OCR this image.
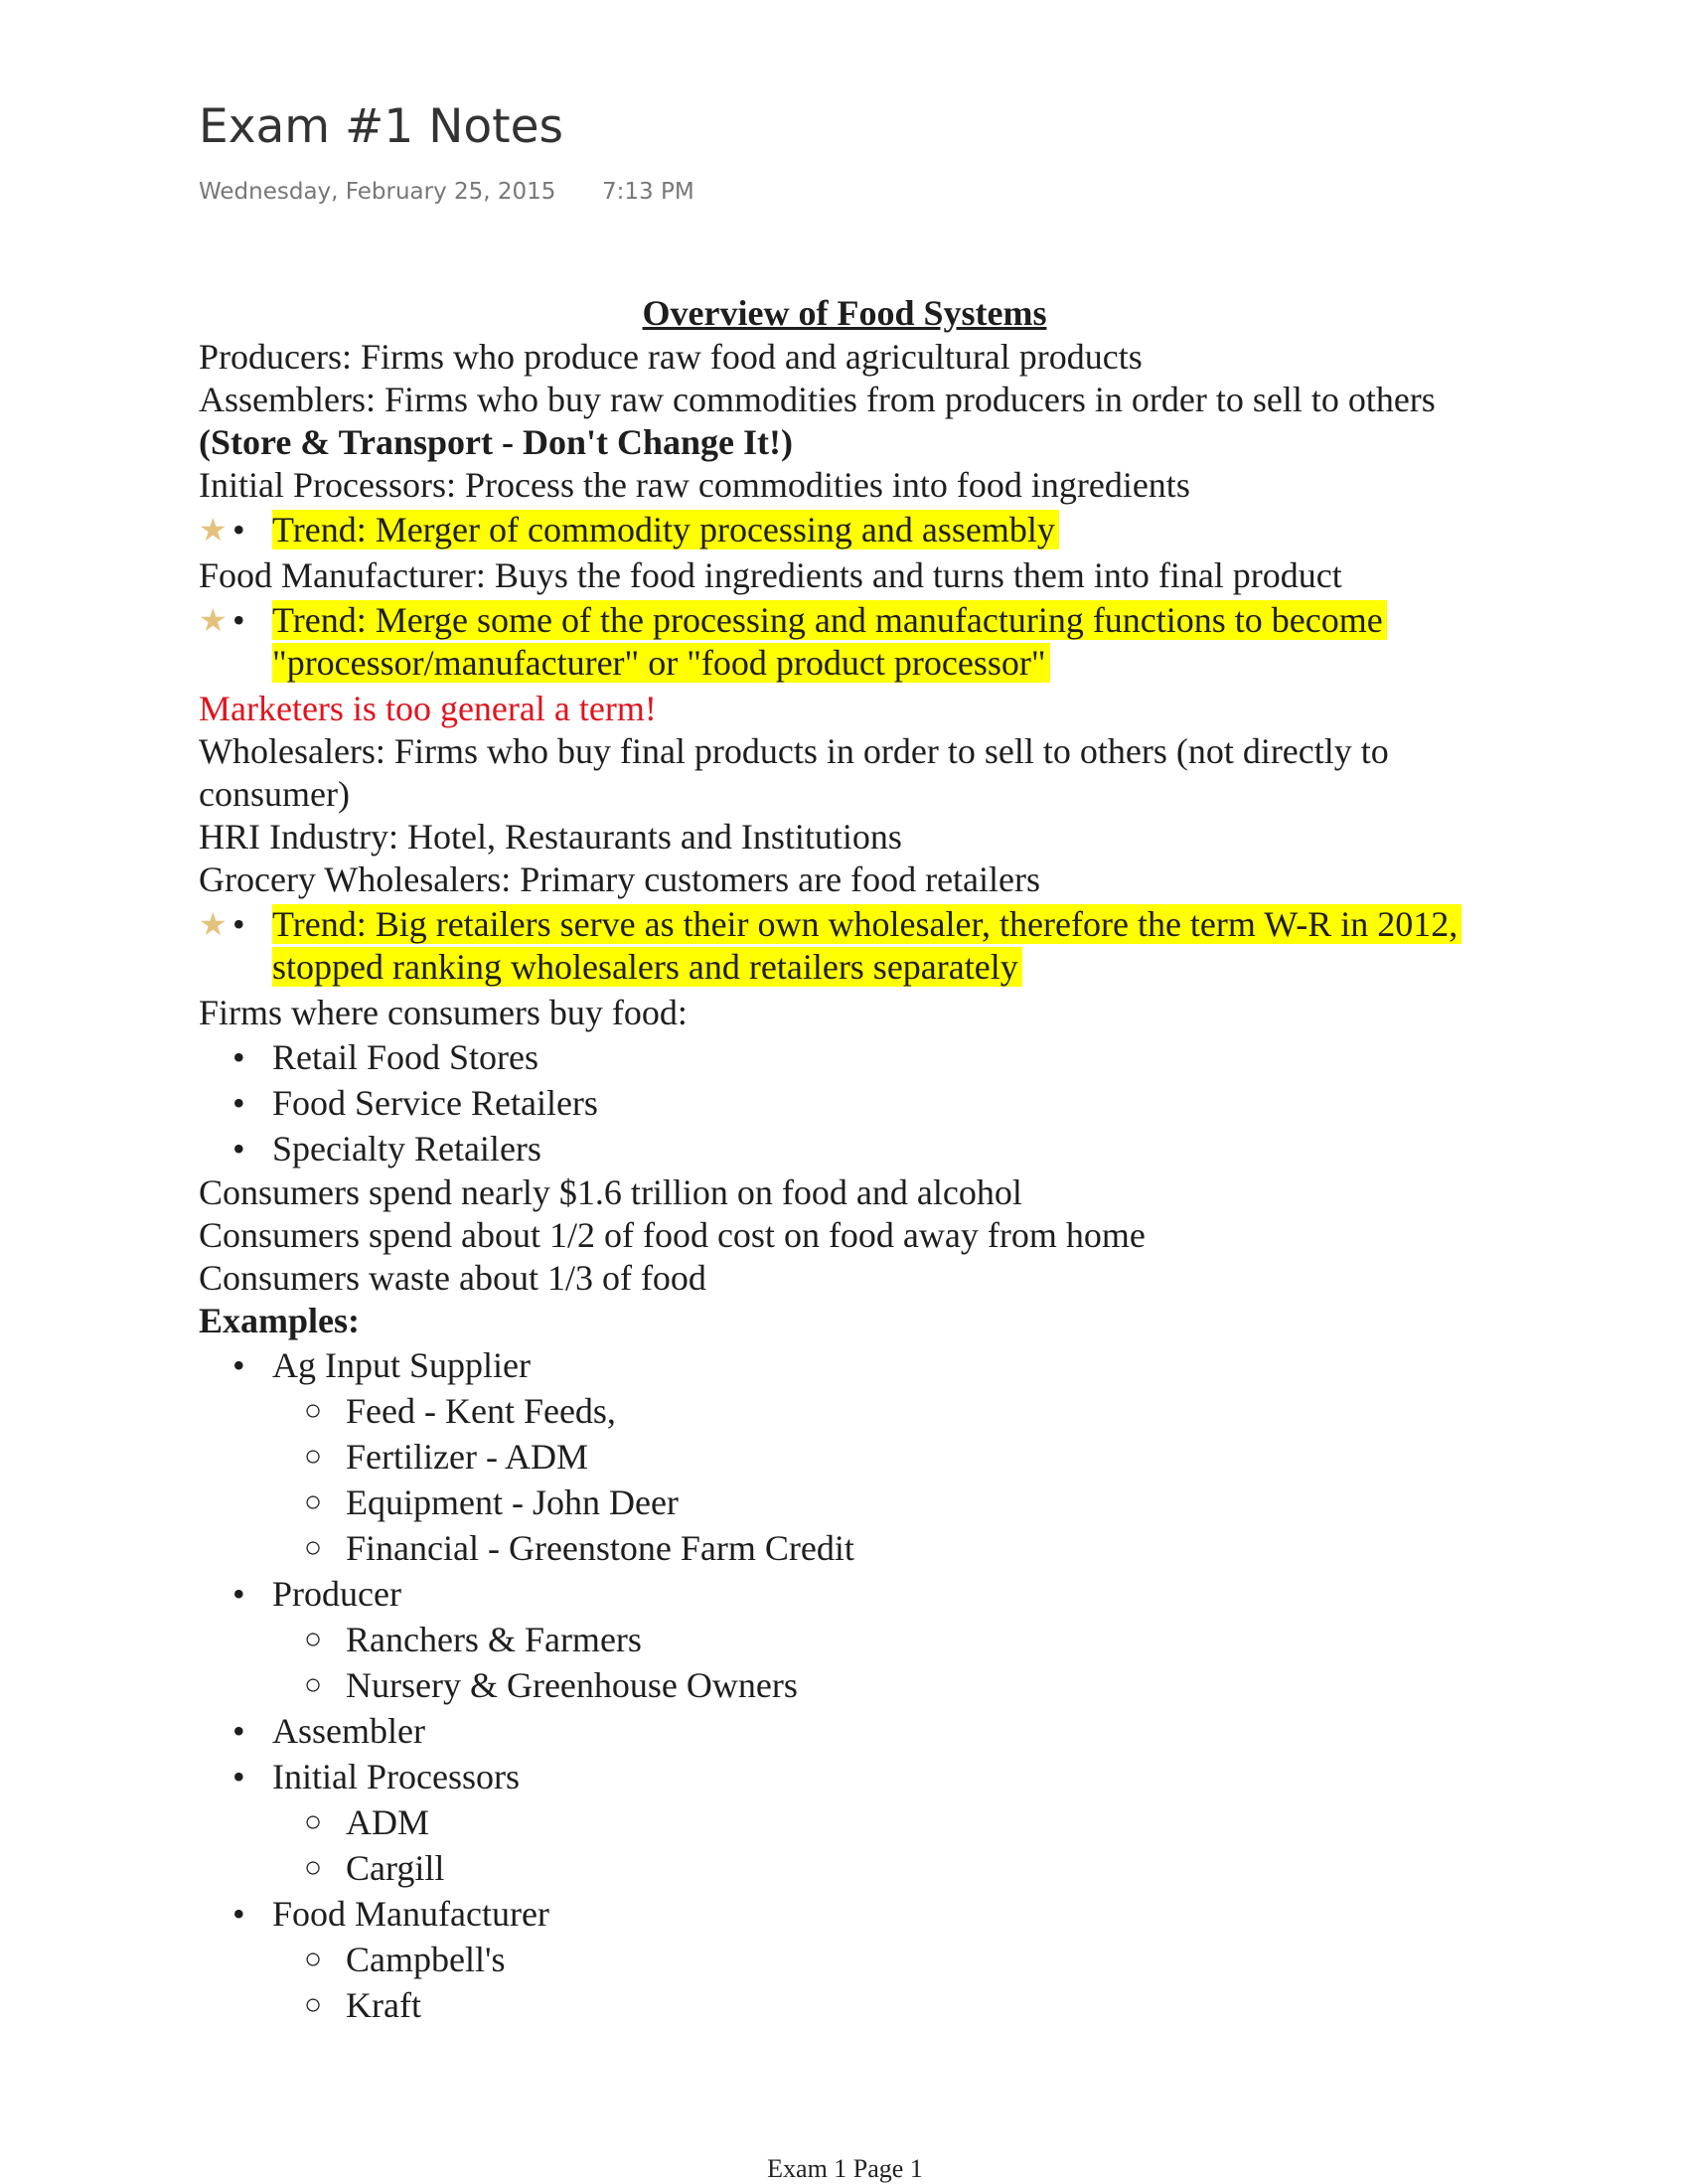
Exam #1 Notes
Wednesday, February 25, 2015 7:13 PM

Overview of Food Systems

Producers: Firms who produce raw food and agricultural products

Assemblers: Firms who buy raw commodities from producers in order to sell to others (Store & Transport - Don't Change It!)

Initial Processors: Process the raw commodities into food ingredients

★ • Trend: Merger of commodity processing and assembly

Food Manufacturer: Buys the food ingredients and turns them into final product

★ • Trend: Merge some of the processing and manufacturing functions to become "processor/manufacturer" or "food product processor"

Marketers is too general a term!

Wholesalers: Firms who buy final products in order to sell to others (not directly to consumer)

HRI Industry: Hotel, Restaurants and Institutions

Grocery Wholesalers: Primary customers are food retailers

★ • Trend: Big retailers serve as their own wholesaler, therefore the term W-R in 2012, stopped ranking wholesalers and retailers separately

Firms where consumers buy food:

• Retail Food Stores
• Food Service Retailers
• Specialty Retailers

Consumers spend nearly $1.6 trillion on food and alcohol

Consumers spend about 1/2 of food cost on food away from home

Consumers waste about 1/3 of food

Examples:

• Ag Input Supplier
○ Feed - Kent Feeds,
○ Fertilizer - ADM
○ Equipment - John Deer
○ Financial - Greenstone Farm Credit
• Producer
○ Ranchers & Farmers
○ Nursery & Greenhouse Owners
• Assembler
• Initial Processors
○ ADM
○ Cargill
• Food Manufacturer
○ Campbell's
○ Kraft
Exam 1 Page 1
